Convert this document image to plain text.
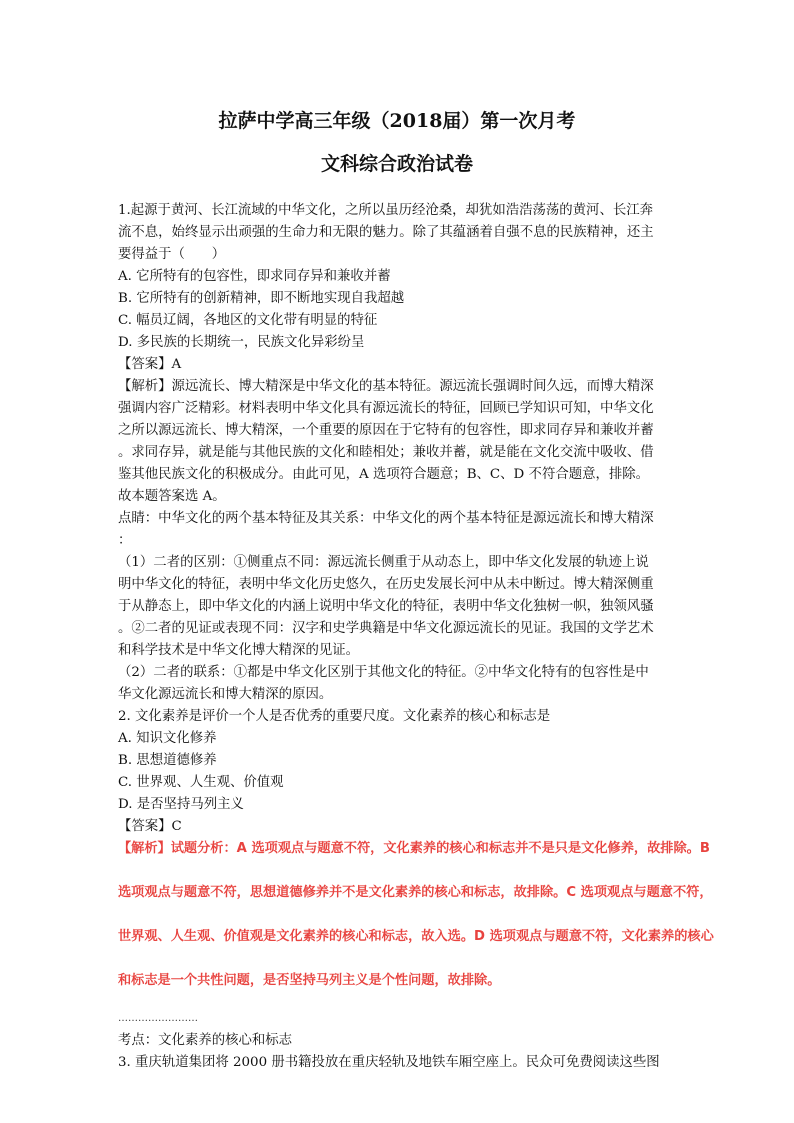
拉萨中学高三年级（2018届）第一次月考
文科综合政治试卷
1.起源于黄河、长江流域的中华文化，之所以虽历经沧桑，却犹如浩浩荡荡的黄河、长江奔
流不息，始终显示出顽强的生命力和无限的魅力。除了其蕴涵着自强不息的民族精神，还主
要得益于（　　）
A. 它所特有的包容性，即求同存异和兼收并蓄
B. 它所特有的创新精神，即不断地实现自我超越
C. 幅员辽阔，各地区的文化带有明显的特征
D. 多民族的长期统一，民族文化异彩纷呈
【答案】A
【解析】源远流长、博大精深是中华文化的基本特征。源远流长强调时间久远，而博大精深
强调内容广泛精彩。材料表明中华文化具有源远流长的特征，回顾已学知识可知，中华文化
之所以源远流长、博大精深，一个重要的原因在于它特有的包容性，即求同存异和兼收并蓄
。求同存异，就是能与其他民族的文化和睦相处；兼收并蓄，就是能在文化交流中吸收、借
鉴其他民族文化的积极成分。由此可见，A 选项符合题意；B、C、D 不符合题意，排除。
故本题答案选 A。
点睛：中华文化的两个基本特征及其关系：中华文化的两个基本特征是源远流长和博大精深
：
（1）二者的区别：①侧重点不同：源远流长侧重于从动态上，即中华文化发展的轨迹上说
明中华文化的特征，表明中华文化历史悠久，在历史发展长河中从未中断过。博大精深侧重
于从静态上，即中华文化的内涵上说明中华文化的特征，表明中华文化独树一帜，独领风骚
。②二者的见证或表现不同：汉字和史学典籍是中华文化源远流长的见证。我国的文学艺术
和科学技术是中华文化博大精深的见证。
（2）二者的联系：①都是中华文化区别于其他文化的特征。②中华文化特有的包容性是中
华文化源远流长和博大精深的原因。
2. 文化素养是评价一个人是否优秀的重要尺度。文化素养的核心和标志是
A. 知识文化修养
B. 思想道德修养
C. 世界观、人生观、价值观
D. 是否坚持马列主义
【答案】C
【解析】试题分析：A 选项观点与题意不符，文化素养的核心和标志并不是只是文化修养，故排除。B
选项观点与题意不符，思想道德修养并不是文化素养的核心和标志，故排除。C 选项观点与题意不符，
世界观、人生观、价值观是文化素养的核心和标志，故入选。D 选项观点与题意不符，文化素养的核心
和标志是一个共性问题，是否坚持马列主义是个性问题，故排除。
……………………
考点：文化素养的核心和标志
3. 重庆轨道集团将 2000 册书籍投放在重庆轻轨及地铁车厢空座上。民众可免费阅读这些图
